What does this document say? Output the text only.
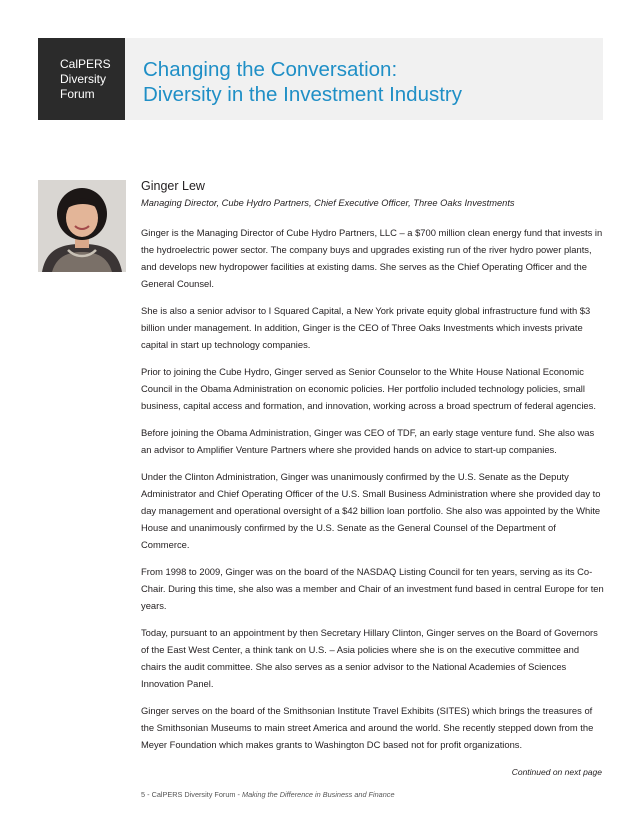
CalPERS
Diversity
Forum
Changing the Conversation:
Diversity in the Investment Industry
Ginger Lew
Managing Director, Cube Hydro Partners, Chief Executive Officer, Three Oaks Investments

Ginger is the Managing Director of Cube Hydro Partners, LLC – a $700 million clean energy fund that invests in the hydroelectric power sector. The company buys and upgrades existing run of the river hydro power plants, and develops new hydropower facilities at existing dams. She serves as the Chief Operating Officer and the General Counsel.

She is also a senior advisor to I Squared Capital, a New York private equity global infrastructure fund with $3 billion under management. In addition, Ginger is the CEO of Three Oaks Investments which invests private capital in start up technology companies.

Prior to joining the Cube Hydro, Ginger served as Senior Counselor to the White House National Economic Council in the Obama Administration on economic policies. Her portfolio included technology policies, small business, capital access and formation, and innovation, working across a broad spectrum of federal agencies.

Before joining the Obama Administration, Ginger was CEO of TDF, an early stage venture fund. She also was an advisor to Amplifier Venture Partners where she provided hands on advice to start-up companies.

Under the Clinton Administration, Ginger was unanimously confirmed by the U.S. Senate as the Deputy Administrator and Chief Operating Officer of the U.S. Small Business Administration where she provided day to day management and operational oversight of a $42 billion loan portfolio. She also was appointed by the White House and unanimously confirmed by the U.S. Senate as the General Counsel of the Department of Commerce.

From 1998 to 2009, Ginger was on the board of the NASDAQ Listing Council for ten years, serving as its Co-Chair. During this time, she also was a member and Chair of an investment fund based in central Europe for ten years.

Today, pursuant to an appointment by then Secretary Hillary Clinton, Ginger serves on the Board of Governors of the East West Center, a think tank on U.S. – Asia policies where she is on the executive committee and chairs the audit committee. She also serves as a senior advisor to the National Academies of Sciences Innovation Panel.

Ginger serves on the board of the Smithsonian Institute Travel Exhibits (SITES) which brings the treasures of the Smithsonian Museums to main street America and around the world. She recently stepped down from the Meyer Foundation which makes grants to Washington DC based not for profit organizations.

Continued on next page
5 - CalPERS Diversity Forum - Making the Difference in Business and Finance
